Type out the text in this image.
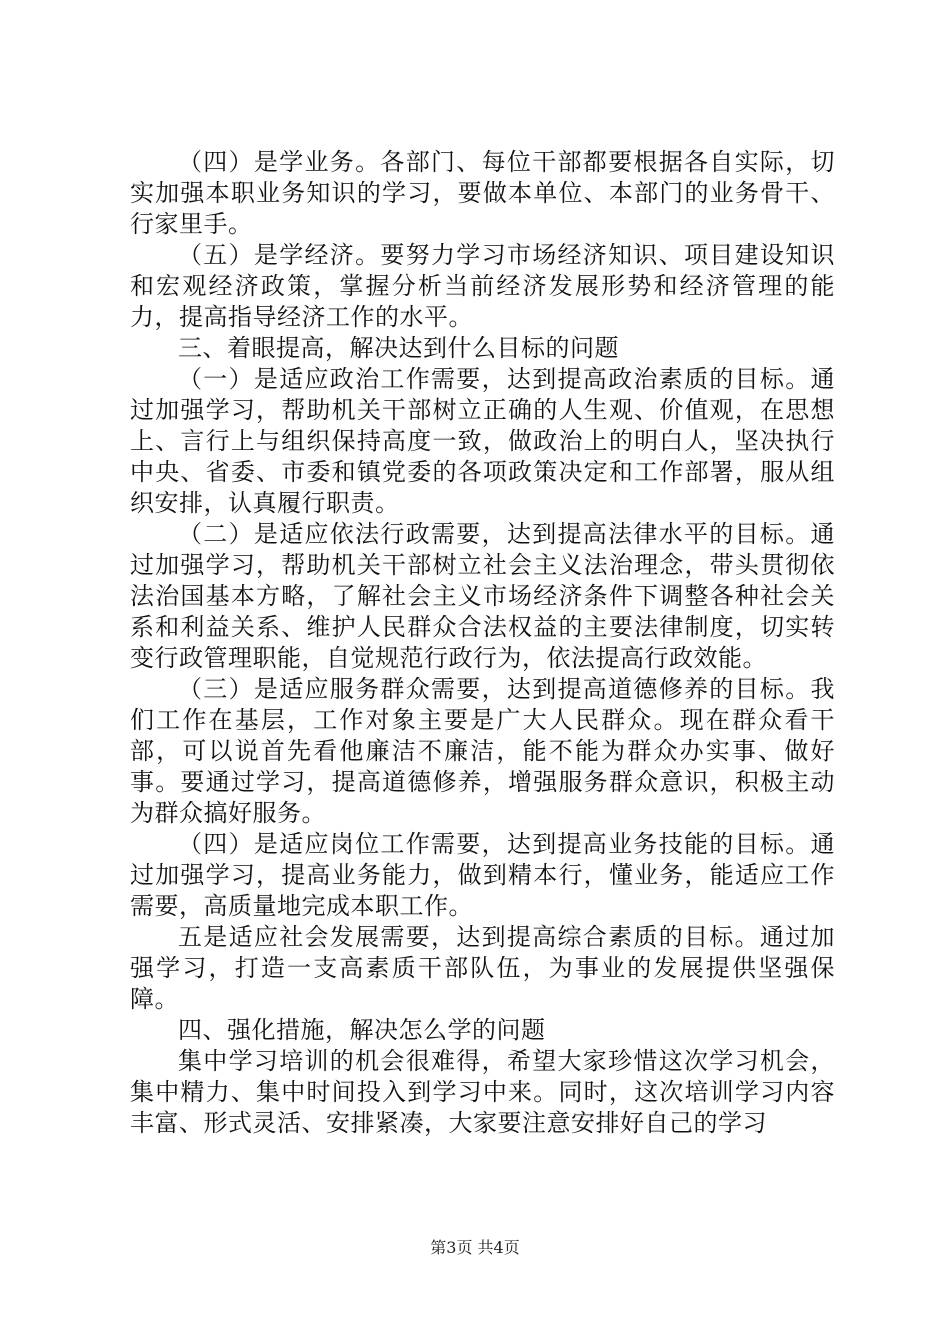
（四）是学业务。各部门、每位干部都要根据各自实际，切实加强本职业务知识的学习，要做本单位、本部门的业务骨干、行家里手。

（五）是学经济。要努力学习市场经济知识、项目建设知识和宏观经济政策，掌握分析当前经济发展形势和经济管理的能力，提高指导经济工作的水平。

三、着眼提高，解决达到什么目标的问题

（一）是适应政治工作需要，达到提高政治素质的目标。通过加强学习，帮助机关干部树立正确的人生观、价值观，在思想上、言行上与组织保持高度一致，做政治上的明白人，坚决执行中央、省委、市委和镇党委的各项政策决定和工作部署，服从组织安排，认真履行职责。

（二）是适应依法行政需要，达到提高法律水平的目标。通过加强学习，帮助机关干部树立社会主义法治理念，带头贯彻依法治国基本方略，了解社会主义市场经济条件下调整各种社会关系和利益关系、维护人民群众合法权益的主要法律制度，切实转变行政管理职能，自觉规范行政行为，依法提高行政效能。

（三）是适应服务群众需要，达到提高道德修养的目标。我们工作在基层，工作对象主要是广大人民群众。现在群众看干部，可以说首先看他廉洁不廉洁，能不能为群众办实事、做好事。要通过学习，提高道德修养，增强服务群众意识，积极主动为群众搞好服务。

（四）是适应岗位工作需要，达到提高业务技能的目标。通过加强学习，提高业务能力，做到精本行，懂业务，能适应工作需要，高质量地完成本职工作。

五是适应社会发展需要，达到提高综合素质的目标。通过加强学习，打造一支高素质干部队伍，为事业的发展提供坚强保障。

四、强化措施，解决怎么学的问题

集中学习培训的机会很难得，希望大家珍惜这次学习机会，集中精力、集中时间投入到学习中来。同时，这次培训学习内容丰富、形式灵活、安排紧凑，大家要注意安排好自己的学习

第3页 共4页
